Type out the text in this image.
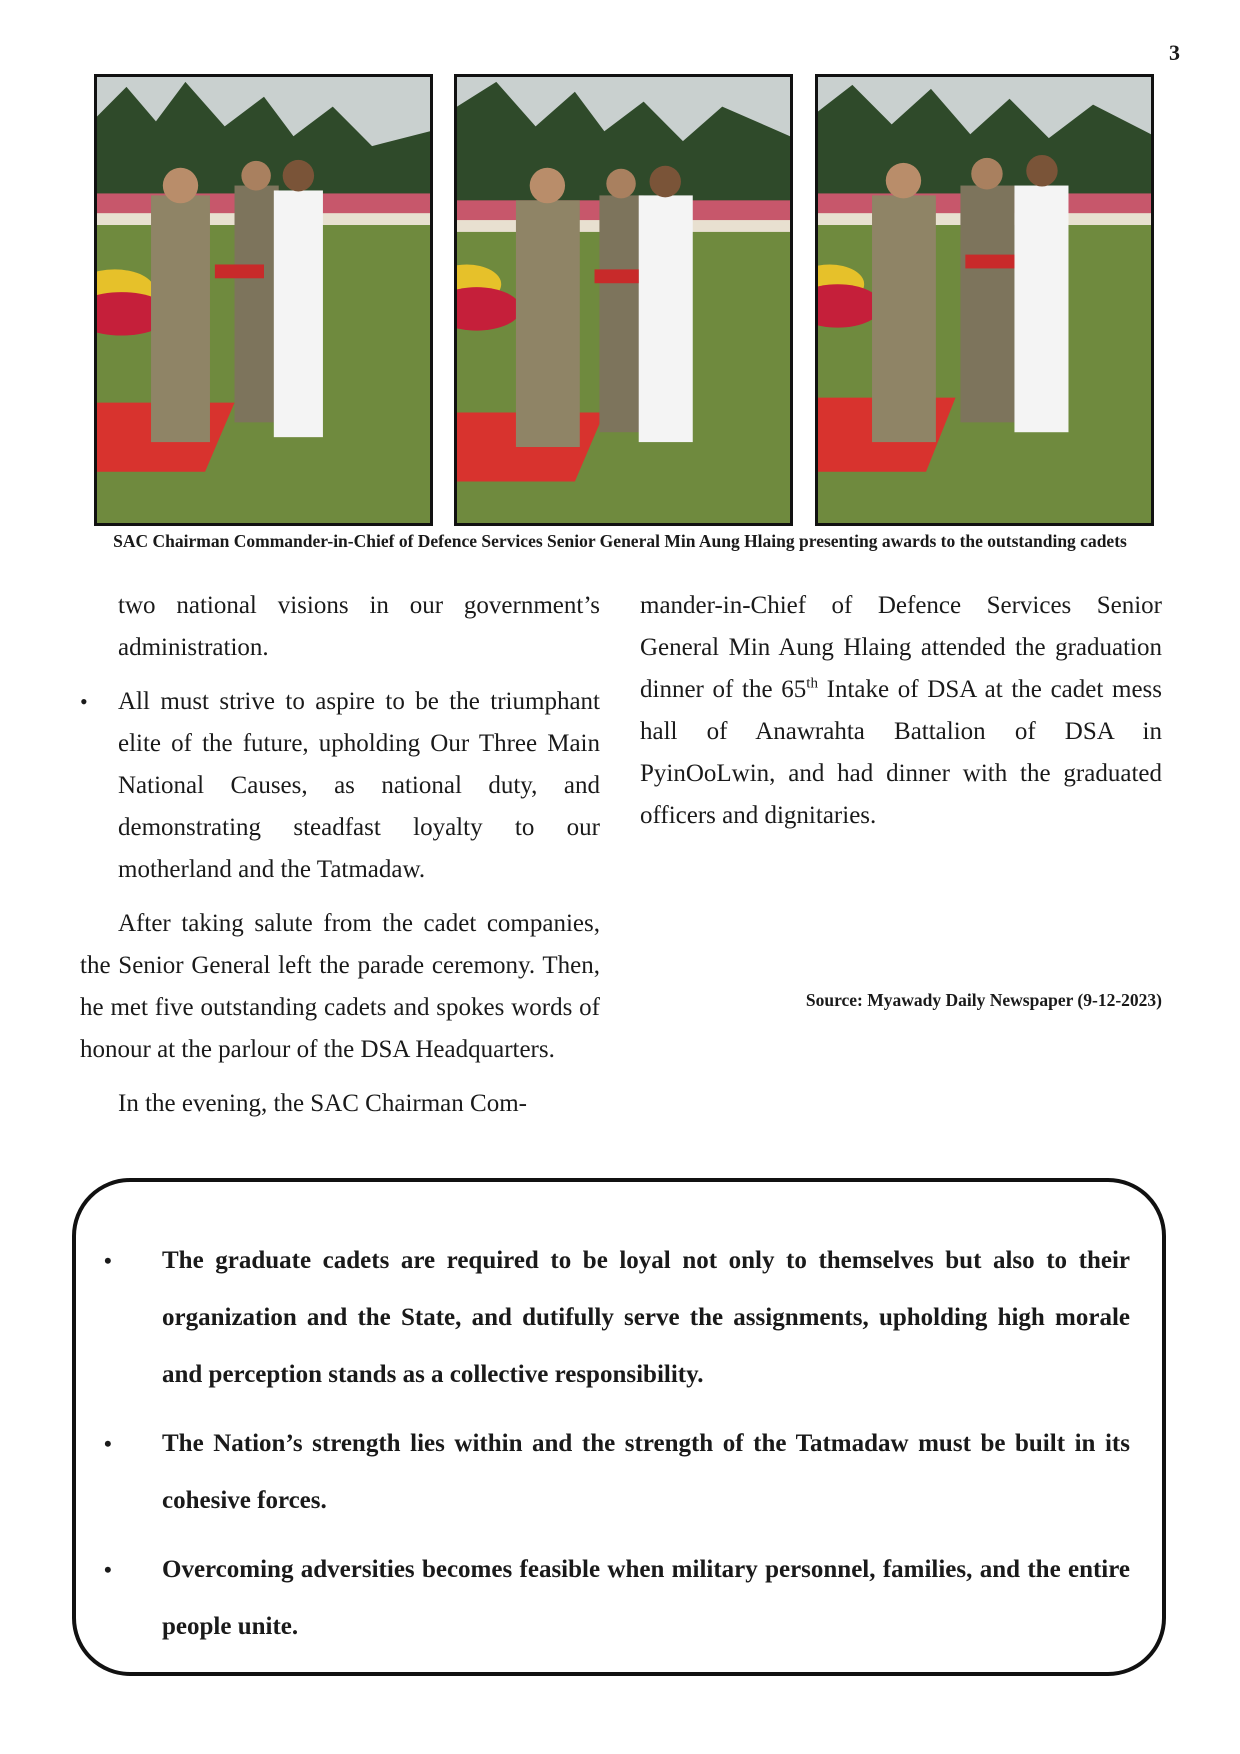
3
SAC Chairman Commander-in-Chief of Defence Services Senior General Min Aung Hlaing presenting awards to the outstanding cadets

two national visions in our government’s administration.

• All must strive to aspire to be the triumphant elite of the future, upholding Our Three Main National Causes, as national duty, and demonstrating steadfast loyalty to our motherland and the Tatmadaw.

After taking salute from the cadet companies, the Senior General left the parade ceremony. Then, he met five outstanding cadets and spokes words of honour at the parlour of the DSA Headquarters.

In the evening, the SAC Chairman Com-

mander-in-Chief of Defence Services Senior General Min Aung Hlaing attended the graduation dinner of the 65th Intake of DSA at the cadet mess hall of Anawrahta Battalion of DSA in PyinOoLwin, and had dinner with the graduated officers and dignitaries.

Source: Myawady Daily Newspaper (9-12-2023)
• The graduate cadets are required to be loyal not only to themselves but also to their organization and the State, and dutifully serve the assignments, upholding high morale and perception stands as a collective responsibility.
• The Nation’s strength lies within and the strength of the Tatmadaw must be built in its cohesive forces.
• Overcoming adversities becomes feasible when military personnel, families, and the entire people unite.
